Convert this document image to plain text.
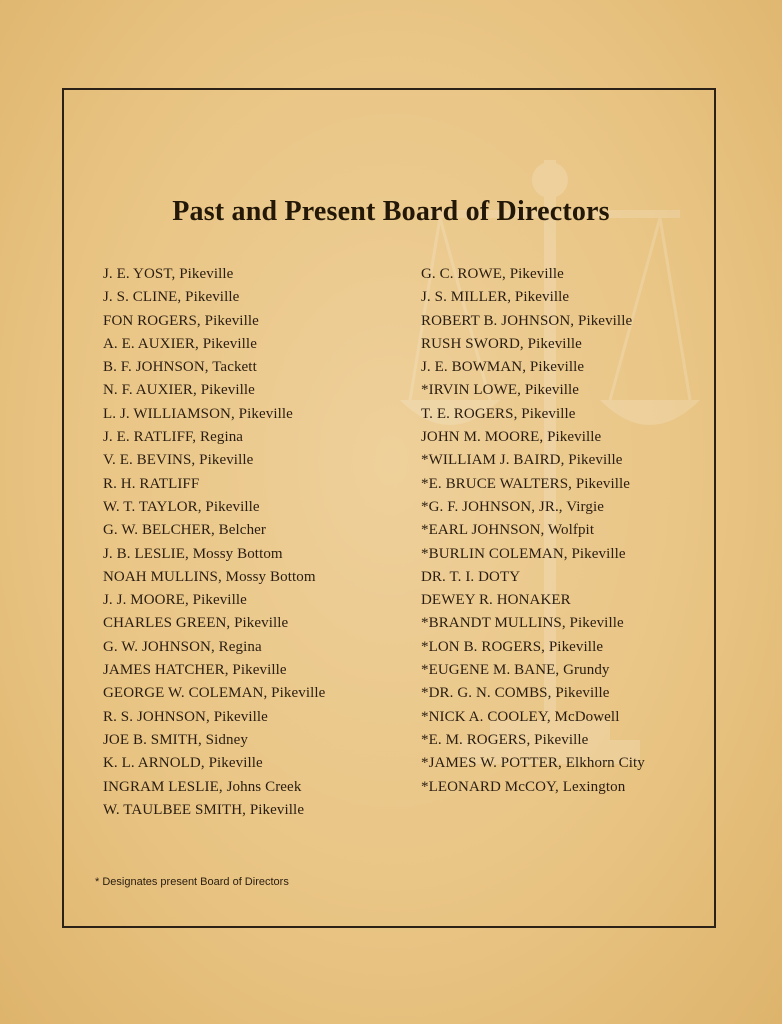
Past and Present Board of Directors
J. E. YOST, Pikeville
J. S. CLINE, Pikeville
FON ROGERS, Pikeville
A. E. AUXIER, Pikeville
B. F. JOHNSON, Tackett
N. F. AUXIER, Pikeville
L. J. WILLIAMSON, Pikeville
J. E. RATLIFF, Regina
V. E. BEVINS, Pikeville
R. H. RATLIFF
W. T. TAYLOR, Pikeville
G. W. BELCHER, Belcher
J. B. LESLIE, Mossy Bottom
NOAH MULLINS, Mossy Bottom
J. J. MOORE, Pikeville
CHARLES GREEN, Pikeville
G. W. JOHNSON, Regina
JAMES HATCHER, Pikeville
GEORGE W. COLEMAN, Pikeville
R. S. JOHNSON, Pikeville
JOE B. SMITH, Sidney
K. L. ARNOLD, Pikeville
INGRAM LESLIE, Johns Creek
W. TAULBEE SMITH, Pikeville
G. C. ROWE, Pikeville
J. S. MILLER, Pikeville
ROBERT B. JOHNSON, Pikeville
RUSH SWORD, Pikeville
J. E. BOWMAN, Pikeville
*IRVIN LOWE, Pikeville
T. E. ROGERS, Pikeville
JOHN M. MOORE, Pikeville
*WILLIAM J. BAIRD, Pikeville
*E. BRUCE WALTERS, Pikeville
*G. F. JOHNSON, JR., Virgie
*EARL JOHNSON, Wolfpit
*BURLIN COLEMAN, Pikeville
DR. T. I. DOTY
DEWEY R. HONAKER
*BRANDT MULLINS, Pikeville
*LON B. ROGERS, Pikeville
*EUGENE M. BANE, Grundy
*DR. G. N. COMBS, Pikeville
*NICK A. COOLEY, McDowell
*E. M. ROGERS, Pikeville
*JAMES W. POTTER, Elkhorn City
*LEONARD McCOY, Lexington
* Designates present Board of Directors
